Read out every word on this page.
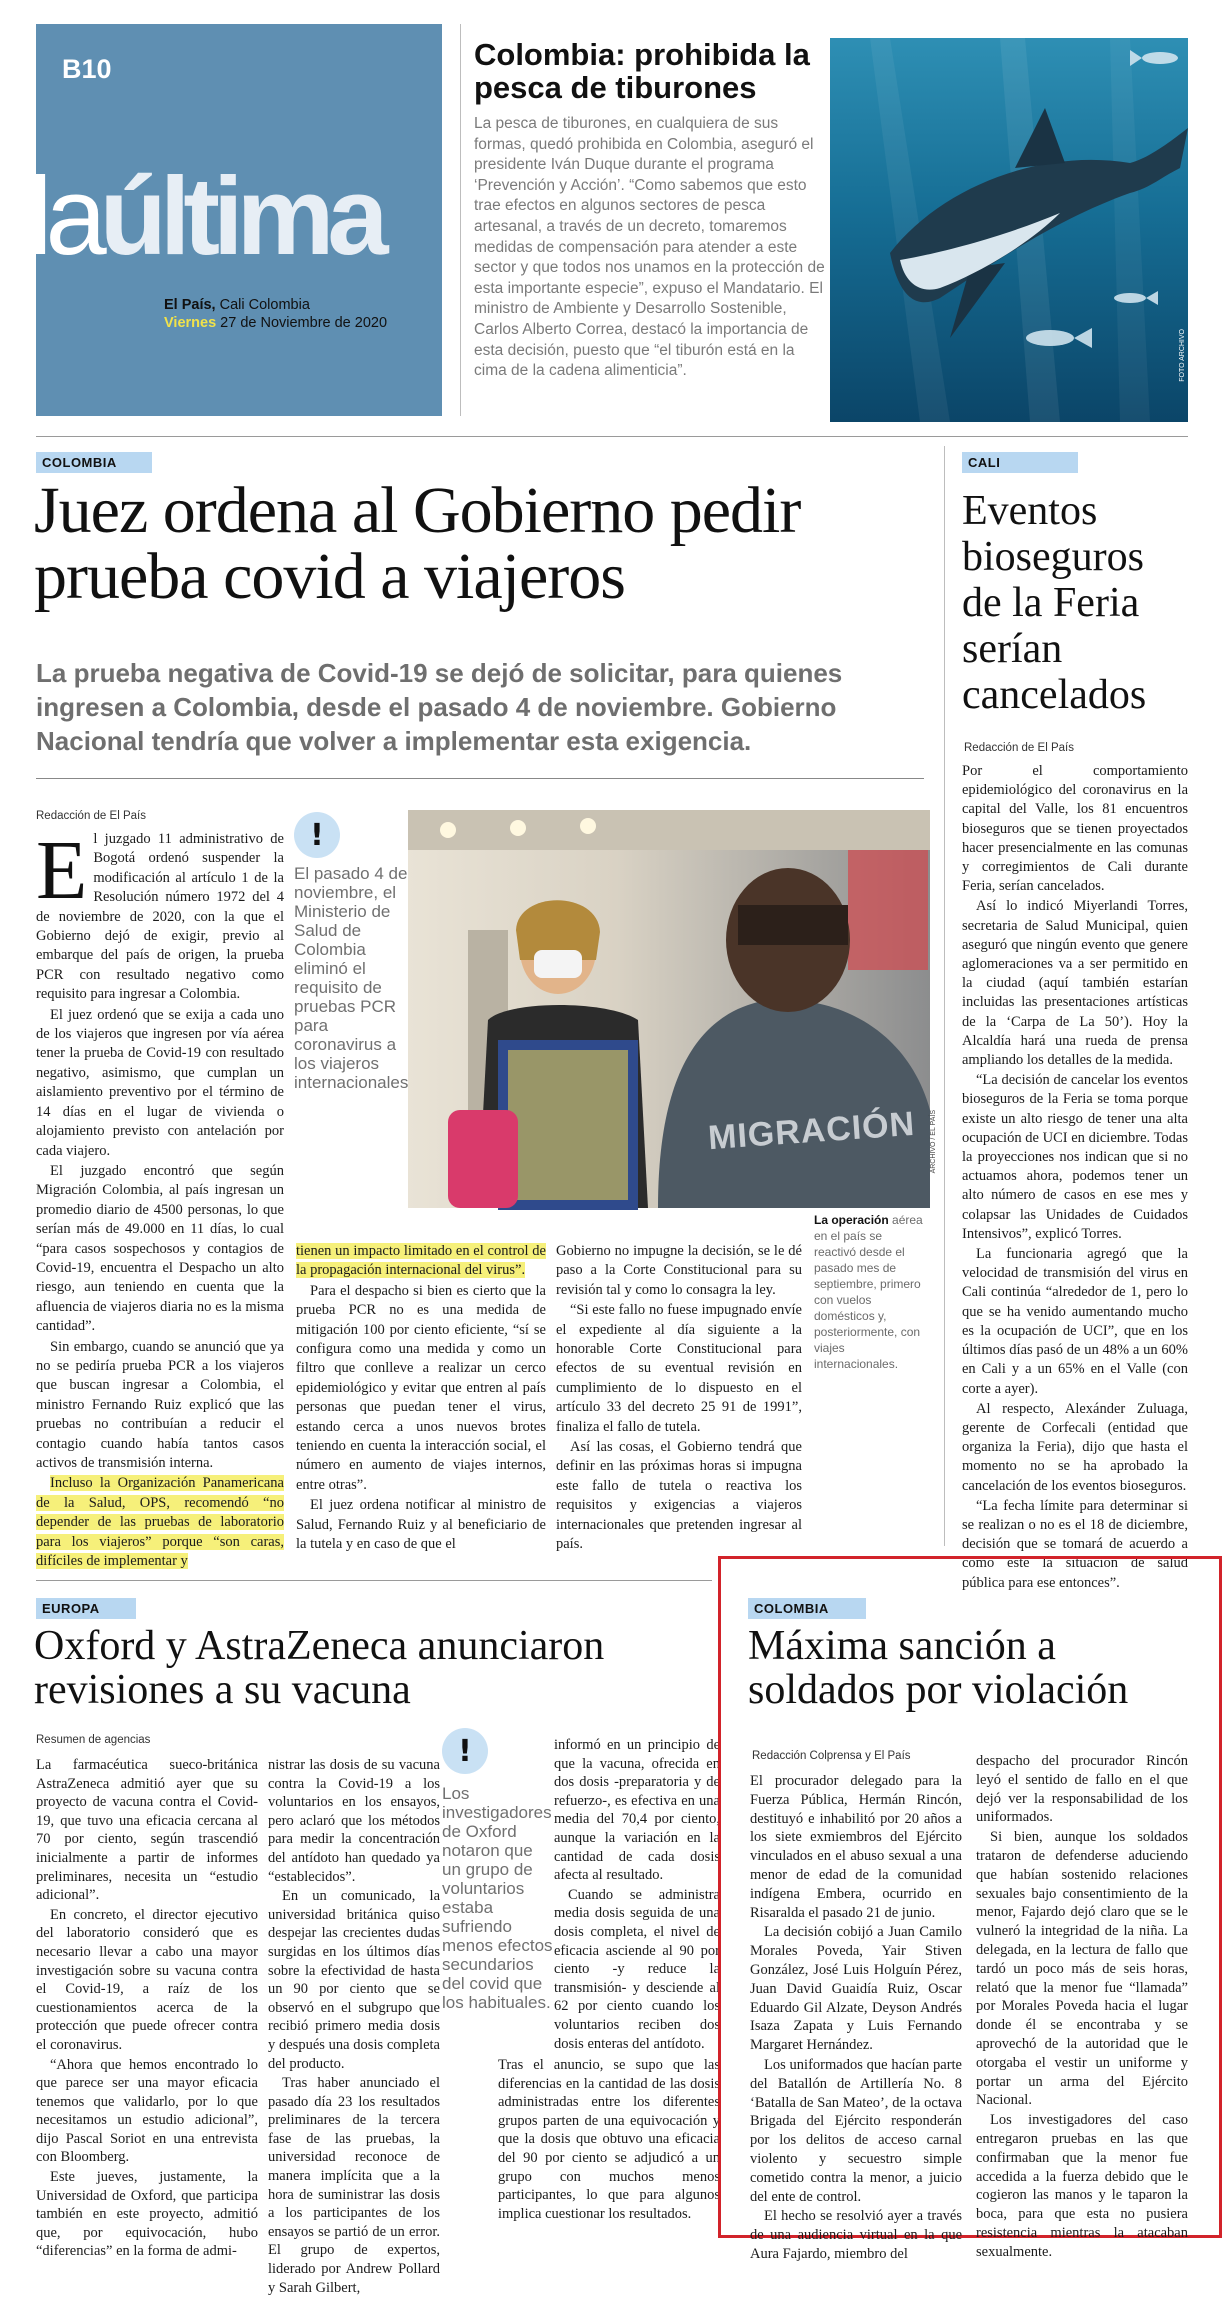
B10
laúltima
El País, Cali Colombia
Viernes 27 de Noviembre de 2020
Colombia: prohibida la pesca de tiburones
La pesca de tiburones, en cualquiera de sus formas, quedó prohibida en Colombia, aseguró el presidente Iván Duque durante el programa ‘Prevención y Acción’. “Como sabemos que esto trae efectos en algunos sectores de pesca artesanal, a través de un decreto, tomaremos medidas de compensación para atender a este sector y que todos nos unamos en la protección de esta importante especie”, expuso el Mandatario. El ministro de Ambiente y Desarrollo Sostenible, Carlos Alberto Correa, destacó la importancia de esta decisión, puesto que “el tiburón está en la cima de la cadena alimenticia”.	FOTO ARCHIVO
COLOMBIA
Juez ordena al Gobierno pedir prueba covid a viajeros
La prueba negativa de Covid-19 se dejó de solicitar, para quienes ingresen a Colombia, desde el pasado 4 de noviembre. Gobierno Nacional tendría que volver a implementar esta exigencia.
Redacción de El País

El juzgado 11 administrativo de Bogotá ordenó suspender la modificación al artículo 1 de la Resolución número 1972 del 4 de noviembre de 2020, con la que el Gobierno dejó de exigir, previo al embarque del país de origen, la prueba PCR con resultado negativo como requisito para ingresar a Colombia.

El juez ordenó que se exija a cada uno de los viajeros que ingresen por vía aérea tener la prueba de Covid-19 con resultado negativo, asimismo, que cumplan un aislamiento preventivo por el término de 14 días en el lugar de vivienda o alojamiento previsto con antelación por cada viajero.

El juzgado encontró que según Migración Colombia, al país ingresan un promedio diario de 4500 personas, lo que serían más de 49.000 en 11 días, lo cual “para casos sospechosos y contagios de Covid-19, encuentra el Despacho un alto riesgo, aun teniendo en cuenta que la afluencia de viajeros diaria no es la misma cantidad”.

Sin embargo, cuando se anunció que ya no se pediría prueba PCR a los viajeros que buscan ingresar a Colombia, el ministro Fernando Ruiz explicó que las pruebas no contribuían a reducir el contagio cuando había tantos casos activos de transmisión interna.

Incluso la Organización Panamericana de la Salud, OPS, recomendó “no depender de las pruebas de laboratorio para los viajeros” porque “son caras, difíciles de implementar y

!
El pasado 4 de noviembre, el Ministerio de Salud de Colombia eliminó el requisito de pruebas PCR para coronavirus a los viajeros internacionales
MIGRACIÓN ARCHIVO / EL PAÍS
La operación aérea en el país se reactivó desde el pasado mes de septiembre, primero con vuelos domésticos y, posteriormente, con viajes internacionales.

tienen un impacto limitado en el control de la propagación internacional del virus”.

Para el despacho si bien es cierto que la prueba PCR no es una medida de mitigación 100 por ciento eficiente, “sí se configura como una medida y como un filtro que conlleve a realizar un cerco epidemiológico y evitar que entren al país personas que puedan tener el virus, estando cerca a unos nuevos brotes teniendo en cuenta la interacción social, el número en aumento de viajes internos, entre otras”.

El juez ordena notificar al ministro de Salud, Fernando Ruiz y al beneficiario de la tutela y en caso de que el

Gobierno no impugne la decisión, se le dé paso a la Corte Constitucional para su revisión tal y como lo consagra la ley.

“Si este fallo no fuese impugnado envíe el expediente al día siguiente a la honorable Corte Constitucional para efectos de su eventual revisión en cumplimiento de lo dispuesto en el artículo 33 del decreto 25 91 de 1991”, finaliza el fallo de tutela.

Así las cosas, el Gobierno tendrá que definir en las próximas horas si impugna este fallo de tutela o reactiva los requisitos y exigencias a viajeros internacionales que pretenden ingresar al país.

CALI
Eventos bioseguros de la Feria serían cancelados
Redacción de El País

Por el comportamiento epidemiológico del coronavirus en la capital del Valle, los 81 encuentros bioseguros que se tienen proyectados hacer presencialmente en las comunas y corregimientos de Cali durante Feria, serían cancelados.

Así lo indicó Miyerlandi Torres, secretaria de Salud Municipal, quien aseguró que ningún evento que genere aglomeraciones va a ser permitido en la ciudad (aquí también estarían incluidas las presentaciones artísticas de la ‘Carpa de La 50’). Hoy la Alcaldía hará una rueda de prensa ampliando los detalles de la medida.

“La decisión de cancelar los eventos bioseguros de la Feria se toma porque existe un alto riesgo de tener una alta ocupación de UCI en diciembre. Todas la proyecciones nos indican que si no actuamos ahora, podemos tener un alto número de casos en ese mes y colapsar las Unidades de Cuidados Intensivos”, explicó Torres.

La funcionaria agregó que la velocidad de transmisión del virus en Cali continúa “alrededor de 1, pero lo que se ha venido aumentando mucho es la ocupación de UCI”, que en los últimos días pasó de un 48% a un 60% en Cali y a un 65% en el Valle (con corte a ayer).

Al respecto, Alexánder Zuluaga, gerente de Corfecali (entidad que organiza la Feria), dijo que hasta el momento no se ha aprobado la cancelación de los eventos bioseguros.

“La fecha límite para determinar si se realizan o no es el 18 de diciembre, decisión que se tomará de acuerdo a cómo esté la situación de salud pública para ese entonces”.

EUROPA
Oxford y AstraZeneca anunciaron revisiones a su vacuna
Resumen de agencias

La farmacéutica sueco-británica AstraZeneca admitió ayer que su proyecto de vacuna contra el Covid-19, que tuvo una eficacia cercana al 70 por ciento, según trascendió inicialmente a partir de informes preliminares, necesita un “estudio adicional”.

En concreto, el director ejecutivo del laboratorio consideró que es necesario llevar a cabo una mayor investigación sobre su vacuna contra el Covid-19, a raíz de los cuestionamientos acerca de la protección que puede ofrecer contra el coronavirus.

“Ahora que hemos encontrado lo que parece ser una mayor eficacia tenemos que validarlo, por lo que necesitamos un estudio adicional”, dijo Pascal Soriot en una entrevista con Bloomberg.

Este jueves, justamente, la Universidad de Oxford, que participa también en este proyecto, admitió que, por equivocación, hubo “diferencias” en la forma de admi-

nistrar las dosis de su vacuna contra la Covid-19 a los voluntarios en los ensayos, pero aclaró que los métodos para medir la concentración del antídoto han quedado ya “establecidos”.

En un comunicado, la universidad británica quiso despejar las crecientes dudas surgidas en los últimos días sobre la efectividad de hasta un 90 por ciento que se observó en el subgrupo que recibió primero media dosis y después una dosis completa del producto.

Tras haber anunciado el pasado día 23 los resultados preliminares de la tercera fase de las pruebas, la universidad reconoce de manera implícita que a la hora de suministrar las dosis a los participantes de los ensayos se partió de un error. El grupo de expertos, liderado por Andrew Pollard y Sarah Gilbert,

!
Los investigadores de Oxford notaron que un grupo de voluntarios estaba sufriendo menos efectos secundarios del covid que los habituales.

informó en un principio de que la vacuna, ofrecida en dos dosis -preparatoria y de refuerzo-, es efectiva en una media del 70,4 por ciento, aunque la variación en la cantidad de cada dosis afecta al resultado.

Cuando se administra media dosis seguida de una dosis completa, el nivel de eficacia asciende al 90 por ciento -y reduce la transmisión- y desciende al 62 por ciento cuando los voluntarios reciben dos dosis enteras del antídoto.

Tras el anuncio, se supo que las diferencias en la cantidad de las dosis administradas entre los diferentes grupos parten de una equivocación y que la dosis que obtuvo una eficacia del 90 por ciento se adjudicó a un grupo con muchos menos participantes, lo que para algunos implica cuestionar los resultados.

COLOMBIA
Máxima sanción a soldados por violación
Redacción Colprensa y El País

El procurador delegado para la Fuerza Pública, Hermán Rincón, destituyó e inhabilitó por 20 años a los siete exmiembros del Ejército vinculados en el abuso sexual a una menor de edad de la comunidad indígena Embera, ocurrido en Risaralda el pasado 21 de junio.

La decisión cobijó a Juan Camilo Morales Poveda, Yair Stiven González, José Luis Holguín Pérez, Juan David Guaidía Ruiz, Oscar Eduardo Gil Alzate, Deyson Andrés Isaza Zapata y Luis Fernando Margaret Hernández.

Los uniformados que hacían parte del Batallón de Artillería No. 8 ‘Batalla de San Mateo’, de la octava Brigada del Ejército responderán por los delitos de acceso carnal violento y secuestro simple cometido contra la menor, a juicio del ente de control.

El hecho se resolvió ayer a través de una audiencia virtual en la que Aura Fajardo, miembro del

despacho del procurador Rincón leyó el sentido de fallo en el que dejó ver la responsabilidad de los uniformados.

Si bien, aunque los soldados trataron de defenderse aduciendo que habían sostenido relaciones sexuales bajo consentimiento de la menor, Fajardo dejó claro que se le vulneró la integridad de la niña. La delegada, en la lectura de fallo que tardó un poco más de seis horas, relató que la menor fue “llamada” por Morales Poveda hacia el lugar donde él se encontraba y se aprovechó de la autoridad que le otorgaba el vestir un uniforme y portar un arma del Ejército Nacional.

Los investigadores del caso entregaron pruebas en las que confirmaban que la menor fue accedida a la fuerza debido que le cogieron las manos y le taparon la boca, para que esta no pusiera resistencia mientras la atacaban sexualmente.
